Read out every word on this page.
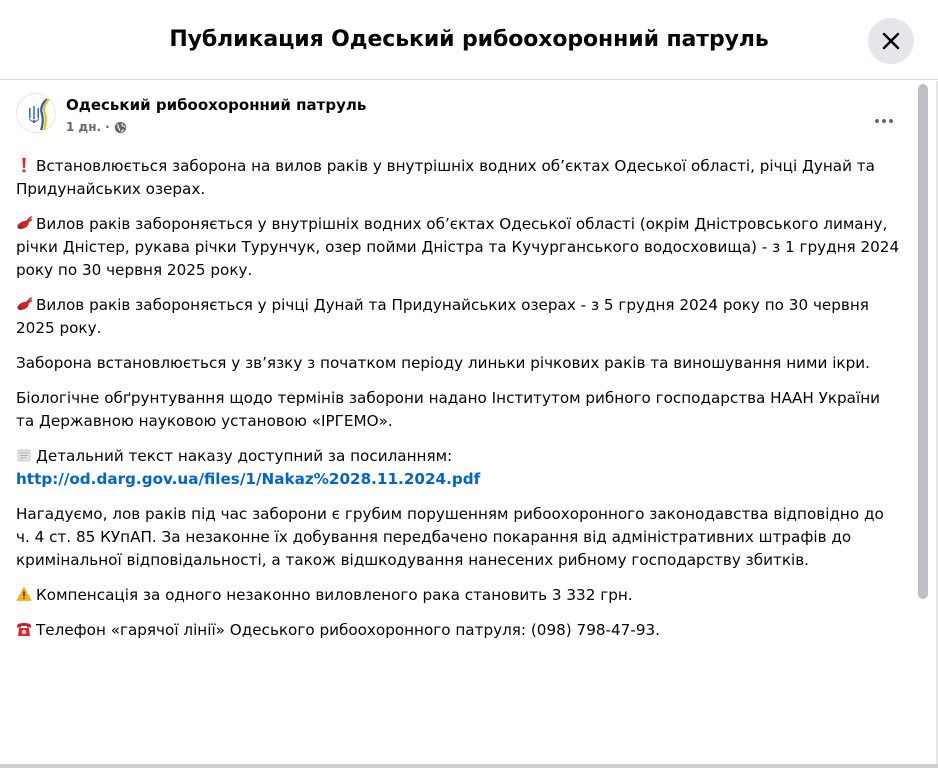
Публикация Одеський рибоохоронний патруль
Одеський рибоохоронний патруль
1 дн. ·

Встановлюється заборона на вилов раків у внутрішніх водних об’єктах Одеської області, річці Дунай та Придунайських озерах.

Вилов раків забороняється у внутрішніх водних об’єктах Одеської області (окрім Дністровського лиману, річки Дністер, рукава річки Турунчук, озер пойми Дністра та Кучурганського водосховища) - з 1 грудня 2024 року по 30 червня 2025 року.

Вилов раків забороняється у річці Дунай та Придунайських озерах - з 5 грудня 2024 року по 30 червня 2025 року.

Заборона встановлюється у зв’язку з початком періоду линьки річкових раків та виношування ними ікри.

Біологічне обґрунтування щодо термінів заборони надано Інститутом рибного господарства НААН України та Державною науковою установою «ІРГЕМО».

Детальний текст наказу доступний за посиланням:
http://od.darg.gov.ua/files/1/Nakaz%2028.11.2024.pdf

Нагадуємо, лов раків під час заборони є грубим порушенням рибоохоронного законодавства відповідно до ч. 4 ст. 85 КУпАП. За незаконне їх добування передбачено покарання від адміністративних штрафів до кримінальної відповідальності, а також відшкодування нанесених рибному господарству збитків.

Компенсація за одного незаконно виловленого рака становить 3 332 грн.

Телефон «гарячої лінії» Одеського рибоохоронного патруля: (098) 798-47-93.
